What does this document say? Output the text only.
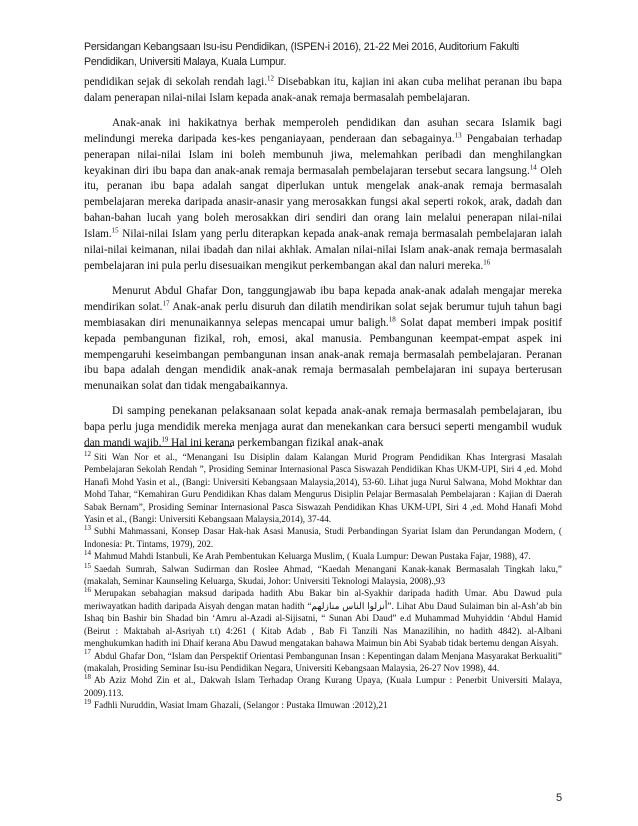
Persidangan Kebangsaan Isu-isu Pendidikan, (ISPEN-i 2016), 21-22 Mei 2016, Auditorium Fakulti
Pendidikan, Universiti Malaya, Kuala Lumpur.

pendidikan sejak di sekolah rendah lagi.$^{12}$ Disebabkan itu, kajian ini akan cuba melihat peranan ibu bapa dalam penerapan nilai-nilai Islam kepada anak-anak remaja bermasalah pembelajaran.

Anak-anak ini hakikatnya berhak memperoleh pendidikan dan asuhan secara Islamik bagi melindungi mereka daripada kes-kes penganiayaan, penderaan dan sebagainya.$^{13}$ Pengabaian terhadap penerapan nilai-nilai Islam ini boleh membunuh jiwa, melemahkan peribadi dan menghilangkan keyakinan diri ibu bapa dan anak-anak remaja bermasalah pembelajaran tersebut secara langsung.$^{14}$ Oleh itu, peranan ibu bapa adalah sangat diperlukan untuk mengelak anak-anak remaja bermasalah pembelajaran mereka daripada anasir-anasir yang merosakkan fungsi akal seperti rokok, arak, dadah dan bahan-bahan lucah yang boleh merosakkan diri sendiri dan orang lain melalui penerapan nilai-nilai Islam.$^{15}$ Nilai-nilai Islam yang perlu diterapkan kepada anak-anak remaja bermasalah pembelajaran ialah nilai-nilai keimanan, nilai ibadah dan nilai akhlak. Amalan nilai-nilai Islam anak-anak remaja bermasalah pembelajaran ini pula perlu disesuaikan mengikut perkembangan akal dan naluri mereka.$^{16}$

Menurut Abdul Ghafar Don, tanggungjawab ibu bapa kepada anak-anak adalah mengajar mereka mendirikan solat.$^{17}$ Anak-anak perlu disuruh dan dilatih mendirikan solat sejak berumur tujuh tahun bagi membiasakan diri menunaikannya selepas mencapai umur baligh.$^{18}$ Solat dapat memberi impak positif kepada pembangunan fizikal, roh, emosi, akal manusia. Pembangunan keempat-empat aspek ini mempengaruhi keseimbangan pembangunan insan anak-anak remaja bermasalah pembelajaran. Peranan ibu bapa adalah dengan mendidik anak-anak remaja bermasalah pembelajaran ini supaya berterusan menunaikan solat dan tidak mengabaikannya.

Di samping penekanan pelaksanaan solat kepada anak-anak remaja bermasalah pembelajaran, ibu bapa perlu juga mendidik mereka menjaga aurat dan menekankan cara bersuci seperti mengambil wuduk dan mandi wajib.$^{19}$ Hal ini kerana perkembangan fizikal anak-anak

$^{12}$ Siti Wan Nor et al., “Menangani Isu Disiplin dalam Kalangan Murid Program Pendidikan Khas Intergrasi Masalah Pembelajaran Sekolah Rendah ”, Prosiding Seminar Internasional Pasca Siswazah Pendidikan Khas UKM-UPI, Siri 4 ,ed. Mohd Hanafi Mohd Yasin et al., (Bangi: Universiti Kebangsaan Malaysia,2014), 53-60. Lihat juga Nurul Salwana, Mohd Mokhtar dan Mohd Tahar, “Kemahiran Guru Pendidikan Khas dalam Mengurus Disiplin Pelajar Bermasalah Pembelajaran : Kajian di Daerah Sabak Bernam”, Prosiding Seminar Internasional Pasca Siswazah Pendidikan Khas UKM-UPI, Siri 4 ,ed. Mohd Hanafi Mohd Yasin et al., (Bangi: Universiti Kebangsaan Malaysia,2014), 37-44.

$^{13}$ Subhi Mahmassani, Konsep Dasar Hak-hak Asasi Manusia, Studi Perbandingan Syariat Islam dan Perundangan Modern, ( Indonesia: Pt. Tintams, 1979), 202.

$^{14}$ Mahmud Mahdi Istanbuli, Ke Arah Pembentukan Keluarga Muslim, ( Kuala Lumpur: Dewan Pustaka Fajar, 1988), 47.

$^{15}$ Saedah Sumrah, Salwan Sudirman dan Roslee Ahmad, “Kaedah Menangani Kanak-kanak Bermasalah Tingkah laku,” (makalah, Seminar Kaunseling Keluarga, Skudai, Johor: Universiti Teknologi Malaysia, 2008).,93

$^{16}$ Merupakan sebahagian maksud daripada hadith Abu Bakar bin al-Syakhir daripada hadith Umar. Abu Dawud pula meriwayatkan hadith daripada Aisyah dengan matan hadith “أنزلوا الناس منازلهم”. Lihat Abu Daud Sulaiman bin al-Ash’ab bin Ishaq bin Bashir bin Shadad bin ‘Amru al-Azadi al-Sijisatni, “ Sunan Abi Daud” e.d Muhammad Muhyiddin ‘Abdul Hamid (Beirut : Maktabah al-Asriyah t.t) 4:261 ( Kitab Adab , Bab Fi Tanzili Nas Manazilihin, no hadith 4842). al-Albani menghukumkan hadith ini Dhaif kerana Abu Dawud mengatakan bahawa Maimun bin Abi Syabab tidak bertemu dengan Aisyah.

$^{17}$ Abdul Ghafar Don, “Islam dan Perspektif Orientasi Pembangunan Insan : Kepentingan dalam Menjana Masyarakat Berkualiti” (makalah, Prosiding Seminar Isu-isu Pendidikan Negara, Universiti Kebangsaan Malaysia, 26-27 Nov 1998), 44.

$^{18}$ Ab Aziz Mohd Zin et al., Dakwah Islam Terhadap Orang Kurang Upaya, (Kuala Lumpur : Penerbit Universiti Malaya, 2009).113.

$^{19}$ Fadhli Nuruddin, Wasiat Imam Ghazali, (Selangor : Pustaka Ilmuwan :2012),21

5
